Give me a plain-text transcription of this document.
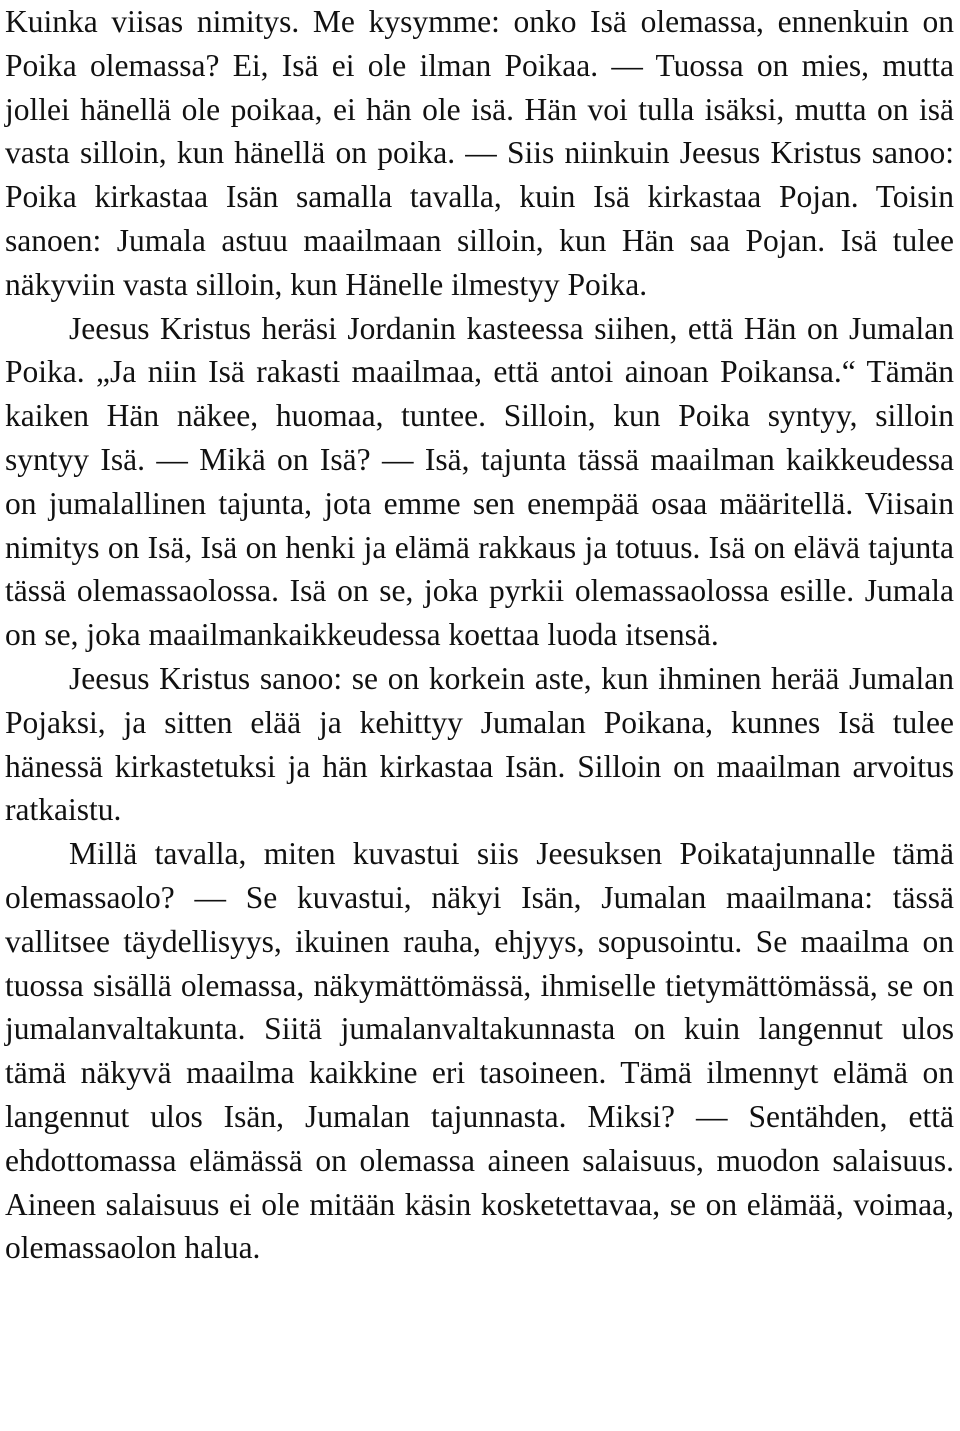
Kuinka viisas nimitys. Me kysymme: onko Isä olemassa, ennenkuin on Poika olemassa? Ei, Isä ei ole ilman Poikaa. — Tuossa on mies, mutta jollei hänellä ole poikaa, ei hän ole isä. Hän voi tulla isäksi, mutta on isä vasta silloin, kun hänellä on poika. — Siis niinkuin Jeesus Kristus sanoo: Poika kirkastaa Isän samalla tavalla, kuin Isä kirkastaa Pojan. Toisin sanoen: Jumala astuu maailmaan silloin, kun Hän saa Pojan. Isä tulee näkyviin vasta silloin, kun Hänelle ilmestyy Poika.

Jeesus Kristus heräsi Jordanin kasteessa siihen, että Hän on Jumalan Poika. „Ja niin Isä rakasti maailmaa, että antoi ainoan Poikansa.“ Tämän kaiken Hän näkee, huomaa, tuntee. Silloin, kun Poika syntyy, silloin syntyy Isä. — Mikä on Isä? — Isä, tajunta tässä maailman kaikkeudessa on jumalallinen tajunta, jota emme sen enempää osaa määritellä. Viisain nimitys on Isä, Isä on henki ja elämä rakkaus ja totuus. Isä on elävä tajunta tässä olemassaolossa. Isä on se, joka pyrkii olemassaolossa esille. Jumala on se, joka maailmankaikkeudessa koettaa luoda itsensä.

Jeesus Kristus sanoo: se on korkein aste, kun ihminen herää Jumalan Pojaksi, ja sitten elää ja kehittyy Jumalan Poikana, kunnes Isä tulee hänessä kirkastetuksi ja hän kirkastaa Isän. Silloin on maailman arvoitus ratkaistu.

Millä tavalla, miten kuvastui siis Jeesuksen Poikatajunnalle tämä olemassaolo? — Se kuvastui, näkyi Isän, Jumalan maailmana: tässä vallitsee täydellisyys, ikuinen rauha, ehjyys, sopusointu. Se maailma on tuossa sisällä olemassa, näkymättömässä, ihmiselle tietymättömässä, se on jumalanvaltakunta. Siitä jumalanvaltakunnasta on kuin langennut ulos tämä näkyvä maailma kaikkine eri tasoineen. Tämä ilmennyt elämä on langennut ulos Isän, Jumalan tajunnasta. Miksi? — Sentähden, että ehdottomassa elämässä on olemassa aineen salaisuus, muodon salaisuus. Aineen salaisuus ei ole mitään käsin kosketettavaa, se on elämää, voimaa, olemassaolon halua.
